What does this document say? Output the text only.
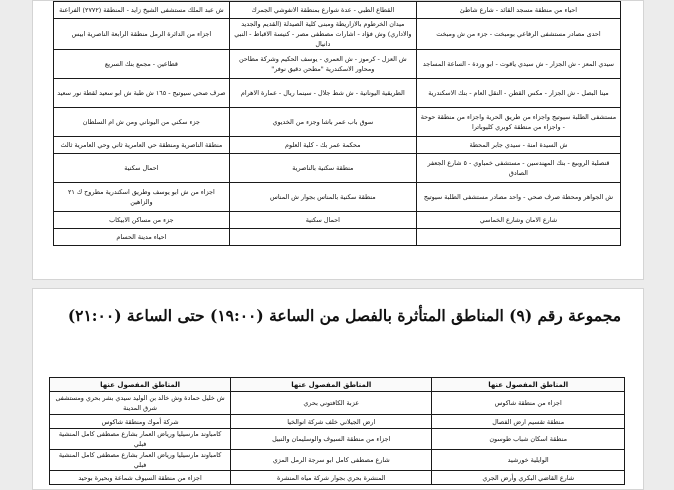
احياء من منطقة مسجد القائد - شارع شاطئ	القطاع الطبي - عدة شوارع بمنطقة الانفوشي الجمرك	ش عبد الملك مستشفى الشيخ زايد - المنطقة (٢٧٧٢) الفراعنة
احدى مصادر مستشفى الرفاعي بومبخت - جزء من ش ومبخت	ميدان الخرطوم بالازاريطة ومبنى كلية الصيدلة (القديم والجديد والاداري) وش فؤاد - اشارات مصطفى مصر - كنيسة الاقباط - النبي دانيال	اجزاء من الدائرة الرمل منطقة الرابعة الناصرية ابيس
سيدي المعز - ش الجزار - ش سيدي ياقوت - ابو وردة - الساعة المساجد	ش العزل - كرموز - ش العمري - يوسف الحكيم وشركة مطاحن ومحاور الاسكندرية "مطحن دقيق نوفر"	قطاعين - مجمع بنك السريع
مينا البصل - ش الجزار - مكس القطن - النقل العام - بنك الاسكندرية	الطريقية اليونانية - ش شط جلال - سينما ريال - عمارة الاهرام	صرف صحي سيوتيج - ١٦٥ ش طبة ش ابو سعيد لقطة نور سعيد
مستشفى الطلبة سيوتيج واجزاء من طريق الحرية واجزاء من منطقة حوحة - واجزاء من منطقة كوبري كليوباترا	سوق باب عمر باشا وجزء من الخديوي	جزء سكني من اليوناني ومن ش ام السلطان
ش السيدة امنة - سيدي جابر المحطة	محكمة عمر بك - كلية العلوم	منطقة الناصرية ومنطقة حي العامرية ثاني وحي العامرية ثالث
قنصلية الروبيع - بنك المهندسين - مستشفى خمباوي - ٥ شارع الجعفر الصادق	منطقة سكنية بالناصرية	احمال سكنية
ش الجواهر ومحطة صرف صحي - واحد مصادر مستشفى الطلبة سيوتيج	منطقة سكنية بالمناس بجوار ش المناس	اجزاء من ش ابو يوسف وطريق اسكندرية مطروح ك ٢١ والزاهين
شارع الامان وشارع الخماسي	احمال سكنية	جزء من مساكن الابيكاب
		احياء مدينة الحسام
مجموعة رقم (٩) المناطق المتأثرة بالفصل من الساعة (١٩:٠٠) حتى الساعة (٢١:٠٠)
المناطق المفصول عنها	المناطق المفصول عنها	المناطق المفصول عنها
اجزاء من منطقة شاكوس	عزبة الكافتوني بحري	ش خليل حمادة وش خالد بن الوليد سيدي بشر بحري ومستشفى شرق المدينة
منطقة تقسيم ارض الفصال	ارض الجيلاني خلف شركة انوالخيا	شركة أموك ومنطقة شاكوس
منطقة اسكان شباب طوسون	اجزاء من منطقة السيوف والوسليمان والنبيل	كامباوند مارسيليا ورياض العمار بشارع مصطفى كامل المنشية فبلي
الوايلية خورشيد	شارع مصطفى كامل ابو سرجة الرمل المزي	كامباوند مارسيليا ورياض العمار بشارع مصطفى كامل المنشية فبلي
شارع القاضي البكري وأرض الجري	المنشرة بحري بجوار شركة مياه المنشرة	اجزاء من منطقة السيوف شماعة وبحيرة بوحيد
